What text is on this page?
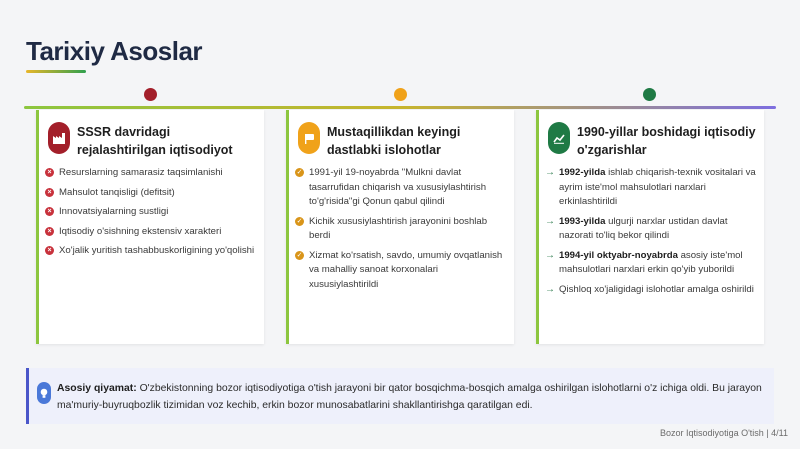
Tarixiy Asoslar
SSSR davridagi rejalashtirilgan iqtisodiyot
× Resurslarning samarasiz taqsimlanishi
× Mahsulot tanqisligi (defitsit)
× Innovatsiyalarning sustligi
× Iqtisodiy o'sishning ekstensiv xarakteri
× Xo'jalik yuritish tashabbuskorligining yo'qolishi
Mustaqillikdan keyingi dastlabki islohotlar
✓ 1991-yil 19-noyabrda "Mulkni davlat tasarrufidan chiqarish va xususiylashtirish to'g'risida"gi Qonun qabul qilindi
✓ Kichik xususiylashtirish jarayonini boshlab berdi
✓ Xizmat ko'rsatish, savdo, umumiy ovqatlanish va mahalliy sanoat korxonalari xususiylashtirildi
1990-yillar boshidagi iqtisodiy o'zgarishlar
→ 1992-yilda ishlab chiqarish-texnik vositalari va ayrim iste'mol mahsulotlari narxlari erkinlashtirildi
→ 1993-yilda ulgurji narxlar ustidan davlat nazorati to'liq bekor qilindi
→ 1994-yil oktyabr-noyabrda asosiy iste'mol mahsulotlari narxlari erkin qo'yib yuborildi
→ Qishloq xo'jaligidagi islohotlar amalga oshirildi
Asosiy qiyamat: O'zbekistonning bozor iqtisodiyotiga o'tish jarayoni bir qator bosqichma-bosqich amalga oshirilgan islohotlarni o'z ichiga oldi. Bu jarayon ma'muriy-buyruqbozlik tizimidan voz kechib, erkin bozor munosabatlarini shakllantirishga qaratilgan edi.
Bozor Iqtisodiyotiga O'tish | 4/11
